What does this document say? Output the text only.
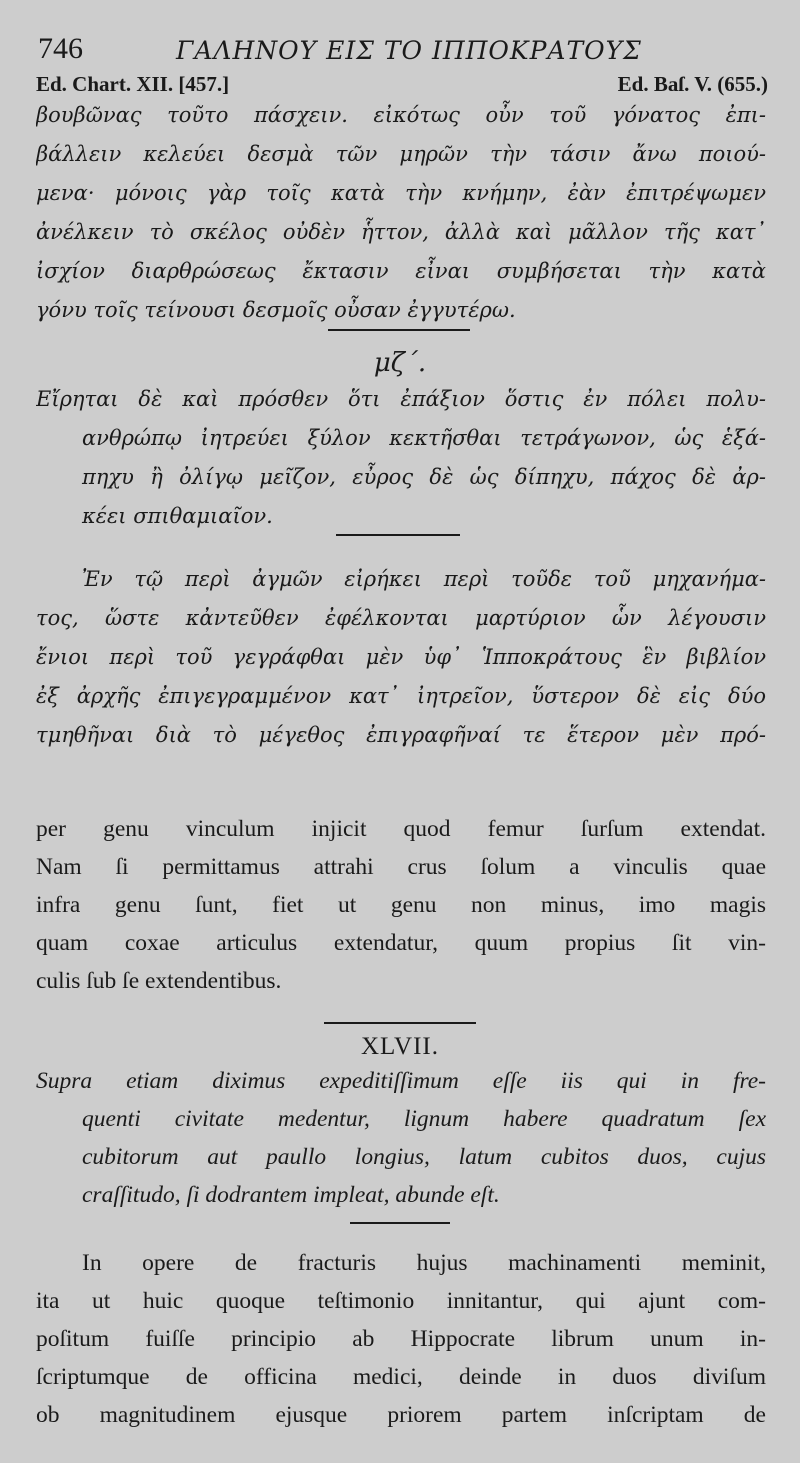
746	ΓΑΛΗΝΟΥ ΕΙΣ ΤΟ ΙΠΠΟΚΡΑΤΟΥΣ
Ed. Chart. XII. [457.]	Ed. Baſ. V. (655.)
βουβῶνας τοῦτο πάσχειν. εἰκότως οὖν τοῦ γόνατος ἐπι-
βάλλειν κελεύει δεσμὰ τῶν μηρῶν τὴν τάσιν ἄνω ποιού-
μενα· μόνοις γὰρ τοῖς κατὰ τὴν κνήμην, ἐὰν ἐπιτρέψωμεν
ἀνέλκειν τὸ σκέλος οὐδὲν ἧττον, ἀλλὰ καὶ μᾶλλον τῆς κατ᾽
ἰσχίον διαρθρώσεως ἔκτασιν εἶναι συμβήσεται τὴν κατὰ
γόνυ τοῖς τείνουσι δεσμοῖς οὖσαν ἐγγυτέρω.
μζ΄.
Εἴρηται δὲ καὶ πρόσθεν ὅτι ἐπάξιον ὅστις ἐν πόλει πολυ-
ανθρώπῳ ἰητρεύει ξύλον κεκτῆσθαι τετράγωνον, ὡς ἑξά-
πηχυ ἢ ὀλίγῳ μεῖζον, εὖρος δὲ ὡς δίπηχυ, πάχος δὲ ἀρ-
κέει σπιθαμιαῖον.
Ἐν τῷ περὶ ἀγμῶν εἰρήκει περὶ τοῦδε τοῦ μηχανήμα-
τος, ὥστε κἀντεῦθεν ἐφέλκονται μαρτύριον ὧν λέγουσιν
ἔνιοι περὶ τοῦ γεγράφθαι μὲν ὑφ᾽ Ἱπποκράτους ἓν βιβλίον
ἐξ ἀρχῆς ἐπιγεγραμμένον κατ᾽ ἰητρεῖον, ὕστερον δὲ εἰς δύο
τμηθῆναι διὰ τὸ μέγεθος ἐπιγραφῆναί τε ἕτερον μὲν πρό-
per genu vinculum injicit quod femur ſurſum extendat.
Nam ſi permittamus attrahi crus ſolum a vinculis quae
infra genu ſunt, fiet ut genu non minus, imo magis
quam coxae articulus extendatur, quum propius ſit vin-
culis ſub ſe extendentibus.
XLVII.
Supra etiam diximus expeditiſſimum eſſe iis qui in fre-
quenti civitate medentur, lignum habere quadratum ſex
cubitorum aut paullo longius, latum cubitos duos, cujus
craſſitudo, ſi dodrantem impleat, abunde eſt.
In opere de fracturis hujus machinamenti meminit,
ita ut huic quoque teſtimonio innitantur, qui ajunt com-
poſitum fuiſſe principio ab Hippocrate librum unum in-
ſcriptumque de officina medici, deinde in duos diviſum
ob magnitudinem ejusque priorem partem inſcriptam de
